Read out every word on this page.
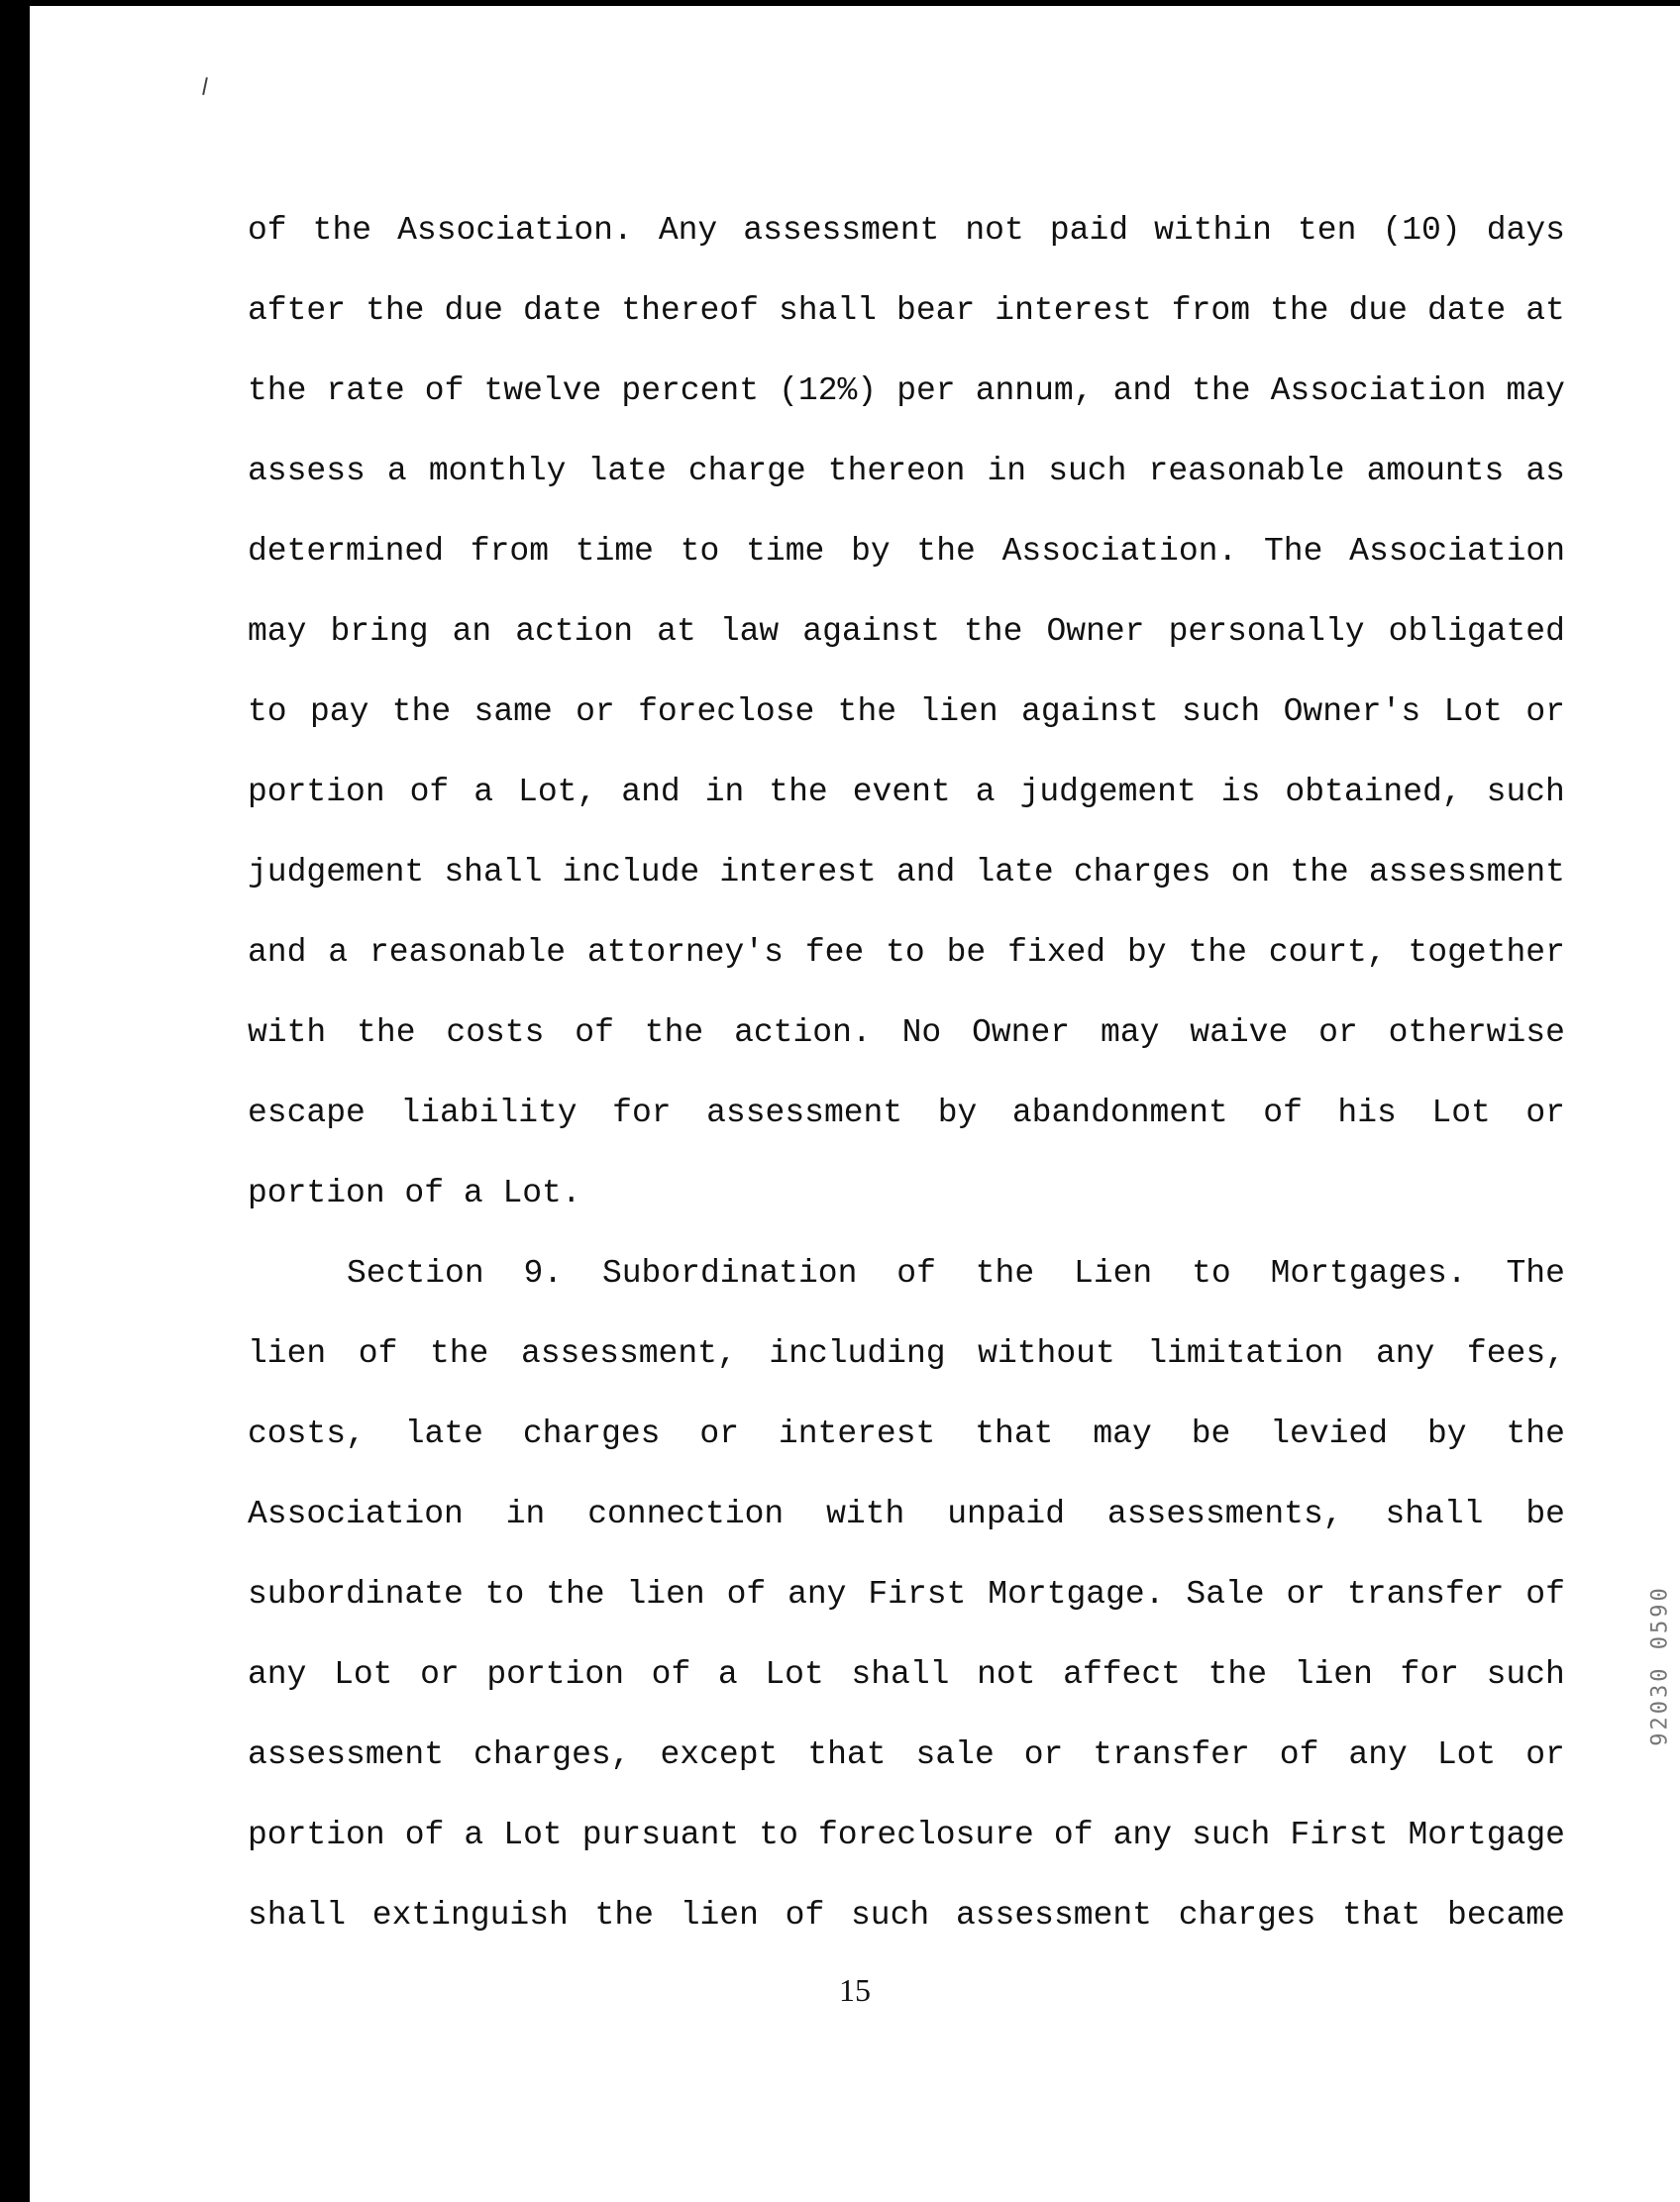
of the Association. Any assessment not paid within ten (10) days
after the due date thereof shall bear interest from the due date at
the rate of twelve percent (12%) per annum, and the Association may
assess a monthly late charge thereon in such reasonable amounts as
determined from time to time by the Association. The Association
may bring an action at law against the Owner personally obligated
to pay the same or foreclose the lien against such Owner's Lot or
portion of a Lot, and in the event a judgement is obtained, such
judgement shall include interest and late charges on the assessment
and a reasonable attorney's fee to be fixed by the court, together
with the costs of the action. No Owner may waive or otherwise
escape liability for assessment by abandonment of his Lot or
portion of a Lot.
Section 9. Subordination of the Lien to Mortgages. The
lien of the assessment, including without limitation any fees,
costs, late charges or interest that may be levied by the
Association in connection with unpaid assessments, shall be
subordinate to the lien of any First Mortgage. Sale or transfer of
any Lot or portion of a Lot shall not affect the lien for such
assessment charges, except that sale or transfer of any Lot or
portion of a Lot pursuant to foreclosure of any such First Mortgage
shall extinguish the lien of such assessment charges that became
15
92030 0590
